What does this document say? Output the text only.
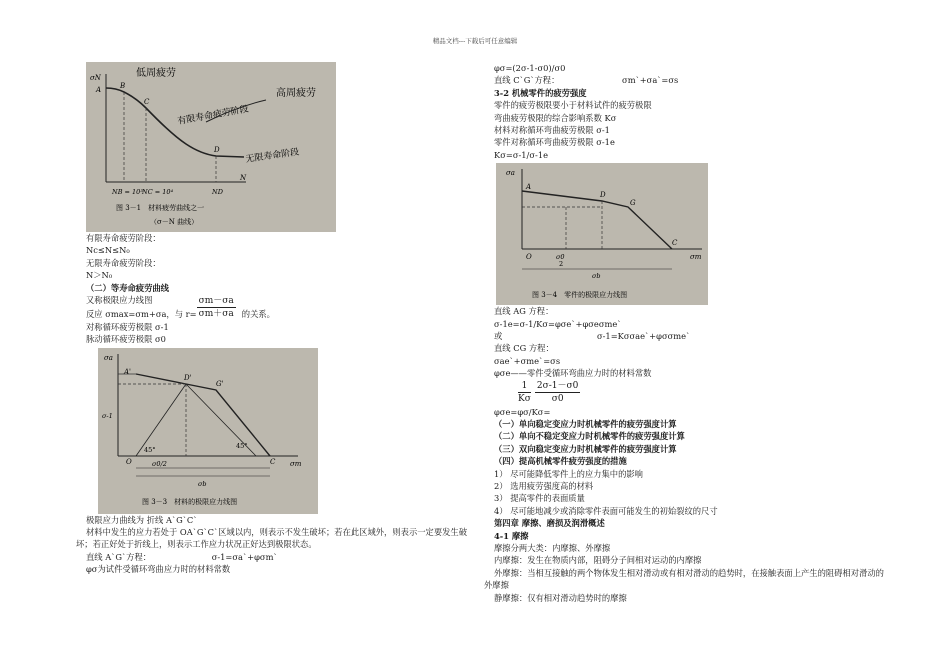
精品文档---下载后可任意编辑
σN
A	B
C
D
N
NB = 10³ NC = 10⁴	ND
低周疲劳
有限寿命疲劳阶段
高周疲劳
无限寿命阶段
图 3－1　材料疲劳曲线之一
（σ－N 曲线）
有限寿命疲劳阶段：
Nc≤N≤N₀
无限寿命疲劳阶段：
N＞N₀
（二）等寿命疲劳曲线
又称极限应力线图
反应 σmax=σm+σa，与 $r= \frac{\sigma m-\sigma a}{\sigma m+\sigma a}$ 的关系。
对称循环疲劳极限 σ-1
脉动循环疲劳极限 σ0
σa
A'
D'
G'
O	C σm
45°	45°
σ-1
σ0/2
σb
图 3－3　材料的极限应力线图
极限应力曲线为 折线 A`G`C`
材料中发生的应力若处于 OA`G`C`区域以内，则表示不发生破坏；若在此区域外，则表示一定要发生破坏；若正好处于折线上，则表示工作应力状况正好达到极限状态。
直线 A`G`方程：	σ-1=σa`+φσm`
φσ为试件受循环弯曲应力时的材料常数
φσ=(2σ-1-σ0)/σ0
直线 C`G`方程：	σm`+σa`=σs
3-2 机械零件的疲劳强度
零件的疲劳极限要小于材料试件的疲劳极限
弯曲疲劳极限的综合影响系数 Kσ
材料对称循环弯曲疲劳极限 σ-1
零件对称循环弯曲疲劳极限 σ-1e
Kσ=σ-1/σ-1e
σa
A
D
G
O
C
σm
σ0
2
σb
图 3－4　零件的极限应力线图
直线 AG 方程：
σ-1e=σ-1/Kσ=φσe`+φσeσme`
或	σ-1=Kσσae`+φσσme`
直线 CG 方程：
σae`+σme`=σs
φσe——零件受循环弯曲应力时的材料常数
$\frac{1}{K\sigma} \frac{2\sigma-1-\sigma 0}{\sigma 0}$
φσe=φσ/Kσ=
（一）单向稳定变应力时机械零件的疲劳强度计算
（二）单向不稳定变应力时机械零件的疲劳强度计算
（三）双向稳定变应力时机械零件的疲劳强度计算
（四）提高机械零件疲劳强度的措施
1） 尽可能降低零件上的应力集中的影响
2） 选用疲劳强度高的材料
3） 提高零件的表面质量
4） 尽可能地减少或消除零件表面可能发生的初始裂纹的尺寸
第四章 摩擦、磨损及润滑概述
4-1 摩擦
摩擦分两大类：内摩擦、外摩擦
内摩擦：发生在物质内部，阻碍分子间相对运动的内摩擦
外摩擦：当相互接触的两个物体发生相对滑动或有相对滑动的趋势时，在接触表面上产生的阻碍相对滑动的外摩擦
静摩擦：仅有相对滑动趋势时的摩擦
